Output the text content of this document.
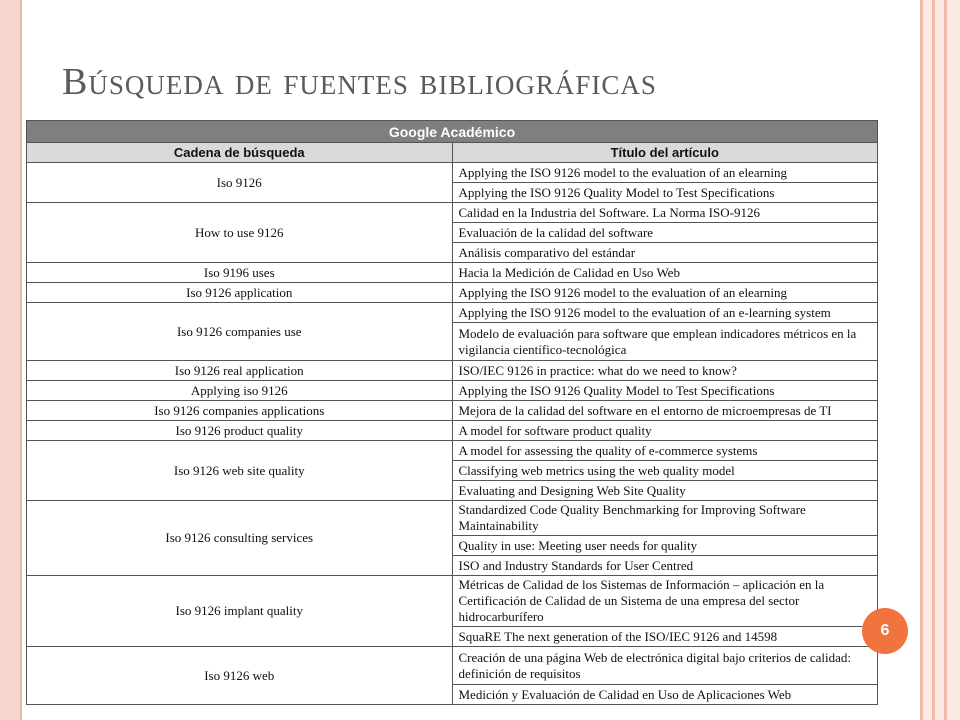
Búsqueda de fuentes bibliográficas
Google Académico	
Cadena de búsqueda	Título del artículo
Iso 9126	Applying the ISO 9126 model to the evaluation of an elearning
	Applying the ISO 9126 Quality Model to Test Specifications
How to use 9126	Calidad en la Industria del Software. La Norma ISO-9126
	Evaluación de la calidad del software
	Análisis comparativo del estándar
Iso 9196 uses	Hacia la Medición de Calidad en Uso Web
Iso 9126 application	Applying the ISO 9126 model to the evaluation of an elearning
Iso 9126 companies use	Applying the ISO 9126 model to the evaluation of an e-learning system
	Modelo de evaluación para software que emplean indicadores métricos en la vigilancia científico-tecnológica
Iso 9126 real application	ISO/IEC 9126 in practice: what do we need to know?
Applying iso 9126	Applying the ISO 9126 Quality Model to Test Specifications
Iso 9126 companies applications	Mejora de la calidad del software en el entorno de microempresas de TI
Iso 9126 product quality	A model for software product quality
Iso 9126 web site quality	A model for assessing the quality of e-commerce systems
	Classifying web metrics using the web quality model
	Evaluating and Designing Web Site Quality
Iso 9126 consulting services	Standardized Code Quality Benchmarking for Improving Software Maintainability
	Quality in use: Meeting user needs for quality
	ISO and Industry Standards for User Centred
Iso 9126 implant quality	Métricas de Calidad de los Sistemas de Información – aplicación en la Certificación de Calidad de un Sistema de una empresa del sector hidrocarburífero
	SquaRE The next generation of the ISO/IEC 9126 and 14598
Iso 9126 web	Creación de una página Web de electrónica digital bajo criterios de calidad: definición de requisitos
	Medición y Evaluación de Calidad en Uso de Aplicaciones Web
6
